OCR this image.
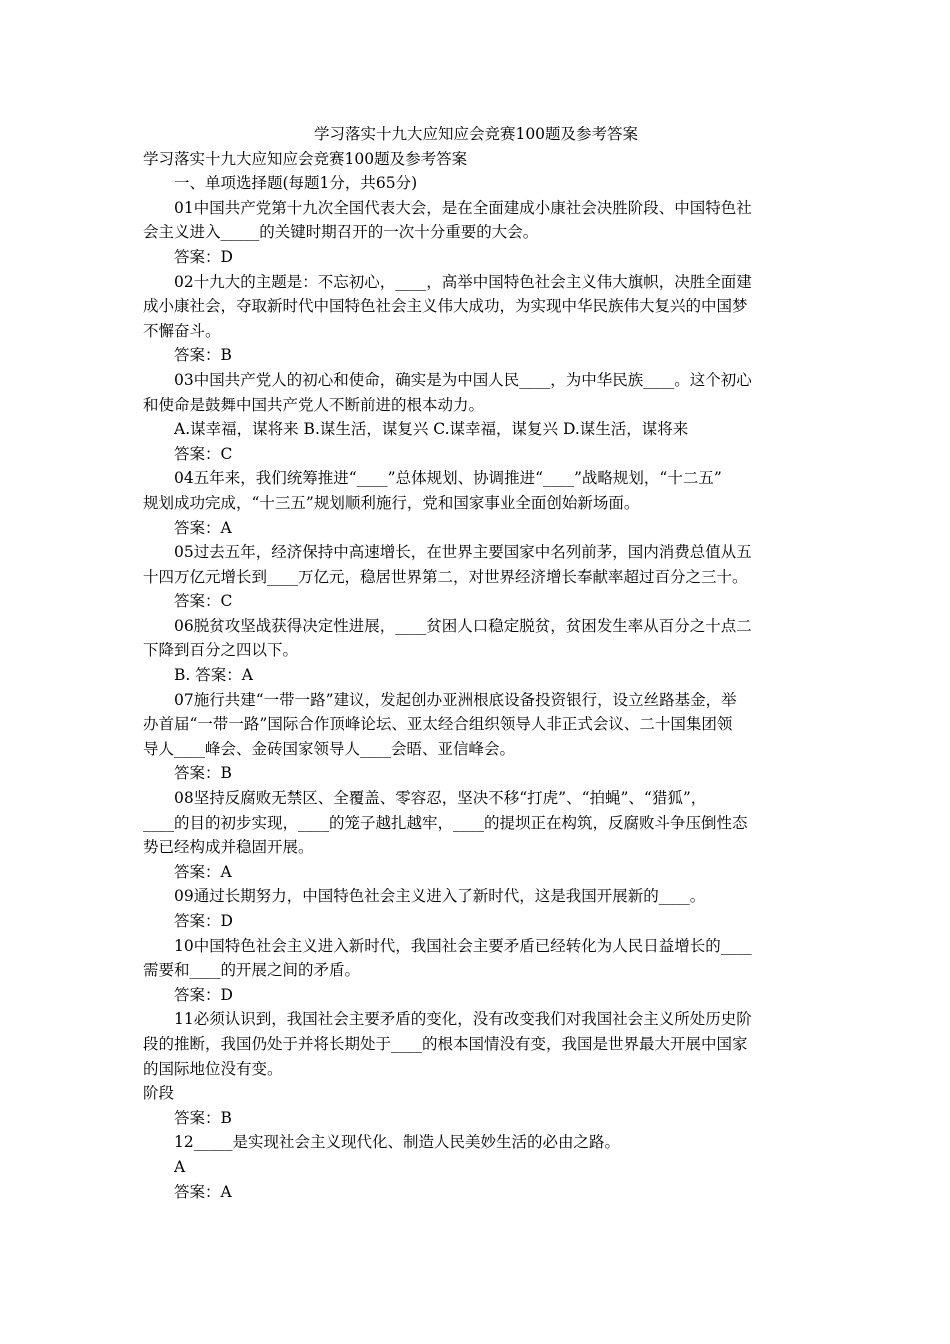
学习落实十九大应知应会竞赛100题及参考答案
学习落实十九大应知应会竞赛100题及参考答案
一、单项选择题(每题1分，共65分)
01中国共产党第十九次全国代表大会，是在全面建成小康社会决胜阶段、中国特色社
会主义进入_____的关键时期召开的一次十分重要的大会。
答案：D
02十九大的主题是：不忘初心，____，高举中国特色社会主义伟大旗帜，决胜全面建
成小康社会，夺取新时代中国特色社会主义伟大成功，为实现中华民族伟大复兴的中国梦
不懈奋斗。
答案：B
03中国共产党人的初心和使命，确实是为中国人民____，为中华民族____。这个初心
和使命是鼓舞中国共产党人不断前进的根本动力。
A.谋幸福，谋将来 B.谋生活，谋复兴 C.谋幸福，谋复兴 D.谋生活，谋将来
答案：C
04五年来，我们统筹推进“____”总体规划、协调推进“____”战略规划，“十二五”
规划成功完成，“十三五”规划顺利施行，党和国家事业全面创始新场面。
答案：A
05过去五年，经济保持中高速增长，在世界主要国家中名列前茅，国内消费总值从五
十四万亿元增长到____万亿元，稳居世界第二，对世界经济增长奉献率超过百分之三十。
答案：C
06脱贫攻坚战获得决定性进展，____贫困人口稳定脱贫，贫困发生率从百分之十点二
下降到百分之四以下。
B. 答案：A
07施行共建“一带一路”建议，发起创办亚洲根底设备投资银行，设立丝路基金，举
办首届“一带一路”国际合作顶峰论坛、亚太经合组织领导人非正式会议、二十国集团领
导人____峰会、金砖国家领导人____会晤、亚信峰会。
答案：B
08坚持反腐败无禁区、全覆盖、零容忍，坚决不移“打虎”、“拍蝇”、“猎狐”，
____的目的初步实现，____的笼子越扎越牢，____的提坝正在构筑，反腐败斗争压倒性态
势已经构成并稳固开展。
答案：A
09通过长期努力，中国特色社会主义进入了新时代，这是我国开展新的____。
答案：D
10中国特色社会主义进入新时代，我国社会主要矛盾已经转化为人民日益增长的____
需要和____的开展之间的矛盾。
答案：D
11必须认识到，我国社会主要矛盾的变化，没有改变我们对我国社会主义所处历史阶
段的推断，我国仍处于并将长期处于____的根本国情没有变，我国是世界最大开展中国家
的国际地位没有变。
阶段
答案：B
12_____是实现社会主义现代化、制造人民美妙生活的必由之路。
A
答案：A
